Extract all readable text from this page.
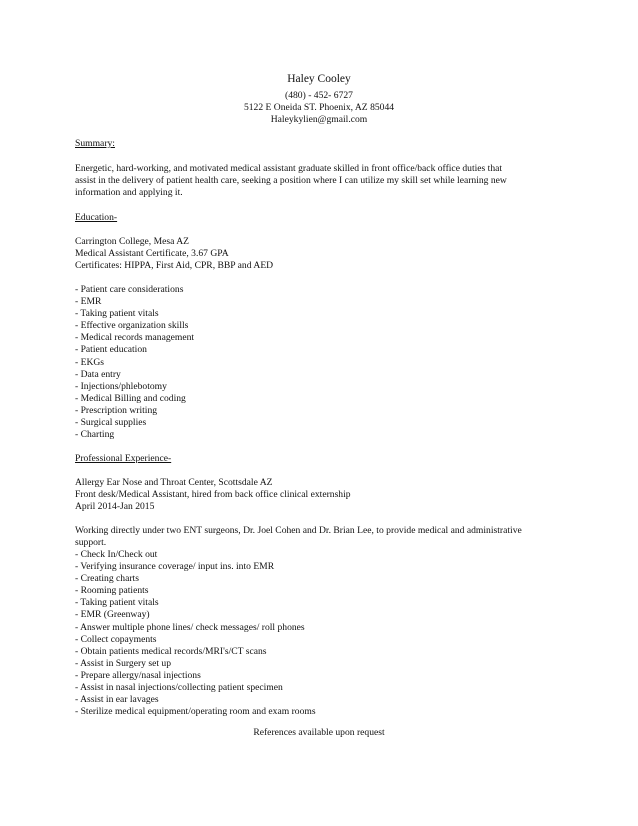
Haley Cooley
(480) - 452- 6727
5122 E Oneida ST. Phoenix, AZ 85044
Haleykylien@gmail.com
Summary:
Energetic, hard-working, and motivated medical assistant graduate skilled in front office/back office duties that
assist in the delivery of patient health care, seeking a position where I can utilize my skill set while learning new
information and applying it.
Education-
Carrington College, Mesa AZ
Medical Assistant Certificate, 3.67 GPA
Certificates: HIPPA, First Aid, CPR, BBP and AED
- Patient care considerations
- EMR
- Taking patient vitals
- Effective organization skills
- Medical records management
- Patient education
- EKGs
- Data entry
- Injections/phlebotomy
- Medical Billing and coding
- Prescription writing
- Surgical supplies
- Charting
Professional Experience-
Allergy Ear Nose and Throat Center, Scottsdale AZ
Front desk/Medical Assistant, hired from back office clinical externship
April 2014-Jan 2015
Working directly under two ENT surgeons, Dr. Joel Cohen and Dr. Brian Lee, to provide medical and administrative
support.
- Check In/Check out
- Verifying insurance coverage/ input ins. into EMR
- Creating charts
- Rooming patients
- Taking patient vitals
- EMR (Greenway)
- Answer multiple phone lines/ check messages/ roll phones
- Collect copayments
- Obtain patients medical records/MRI's/CT scans
- Assist in Surgery set up
- Prepare allergy/nasal injections
- Assist in nasal injections/collecting patient specimen
- Assist in ear lavages
- Sterilize medical equipment/operating room and exam rooms
References available upon request
